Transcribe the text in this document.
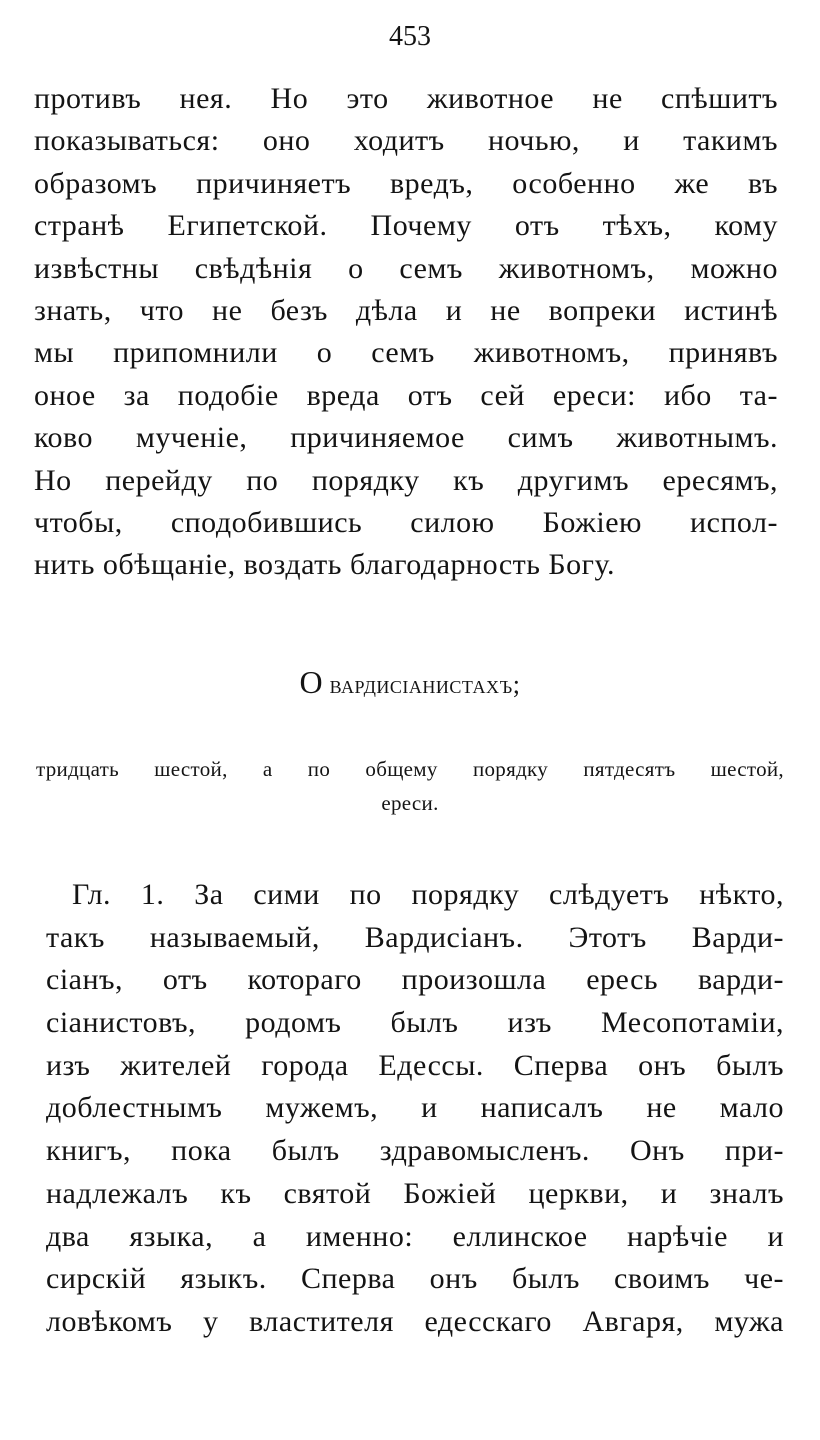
453
противъ нея. Но это животное не спѣшитъ
показываться: оно ходитъ ночью, и такимъ
образомъ причиняетъ вредъ, особенно же въ
странѣ Египетской. Почему отъ тѣхъ, кому
извѣстны свѣдѣнія о семъ животномъ, можно
знать, что не безъ дѣла и не вопреки истинѣ
мы припомнили о семъ животномъ, принявъ
оное за подобіе вреда отъ сей ереси: ибо та-
ково мученіе, причиняемое симъ животнымъ.
Но перейду по порядку къ другимъ ересямъ,
чтобы, сподобившись силою Божіею испол-
нить обѣщаніе, воздать благодарность Богу.
О вардисіанистахъ;
тридцать шестой, а по общему порядку пятдесятъ шестой,
ереси.
Гл. 1. За сими по порядку слѣдуетъ нѣкто,
такъ называемый, Вардисіанъ. Этотъ Варди-
сіанъ, отъ котораго произошла ересь варди-
сіанистовъ, родомъ былъ изъ Месопотаміи,
изъ жителей города Едессы. Сперва онъ былъ
доблестнымъ мужемъ, и написалъ не мало
книгъ, пока былъ здравомысленъ. Онъ при-
надлежалъ къ святой Божіей церкви, и зналъ
два языка, а именно: еллинское нарѣчіе и
сирскій языкъ. Сперва онъ былъ своимъ че-
ловѣкомъ у властителя едесскаго Авгаря, мужа
